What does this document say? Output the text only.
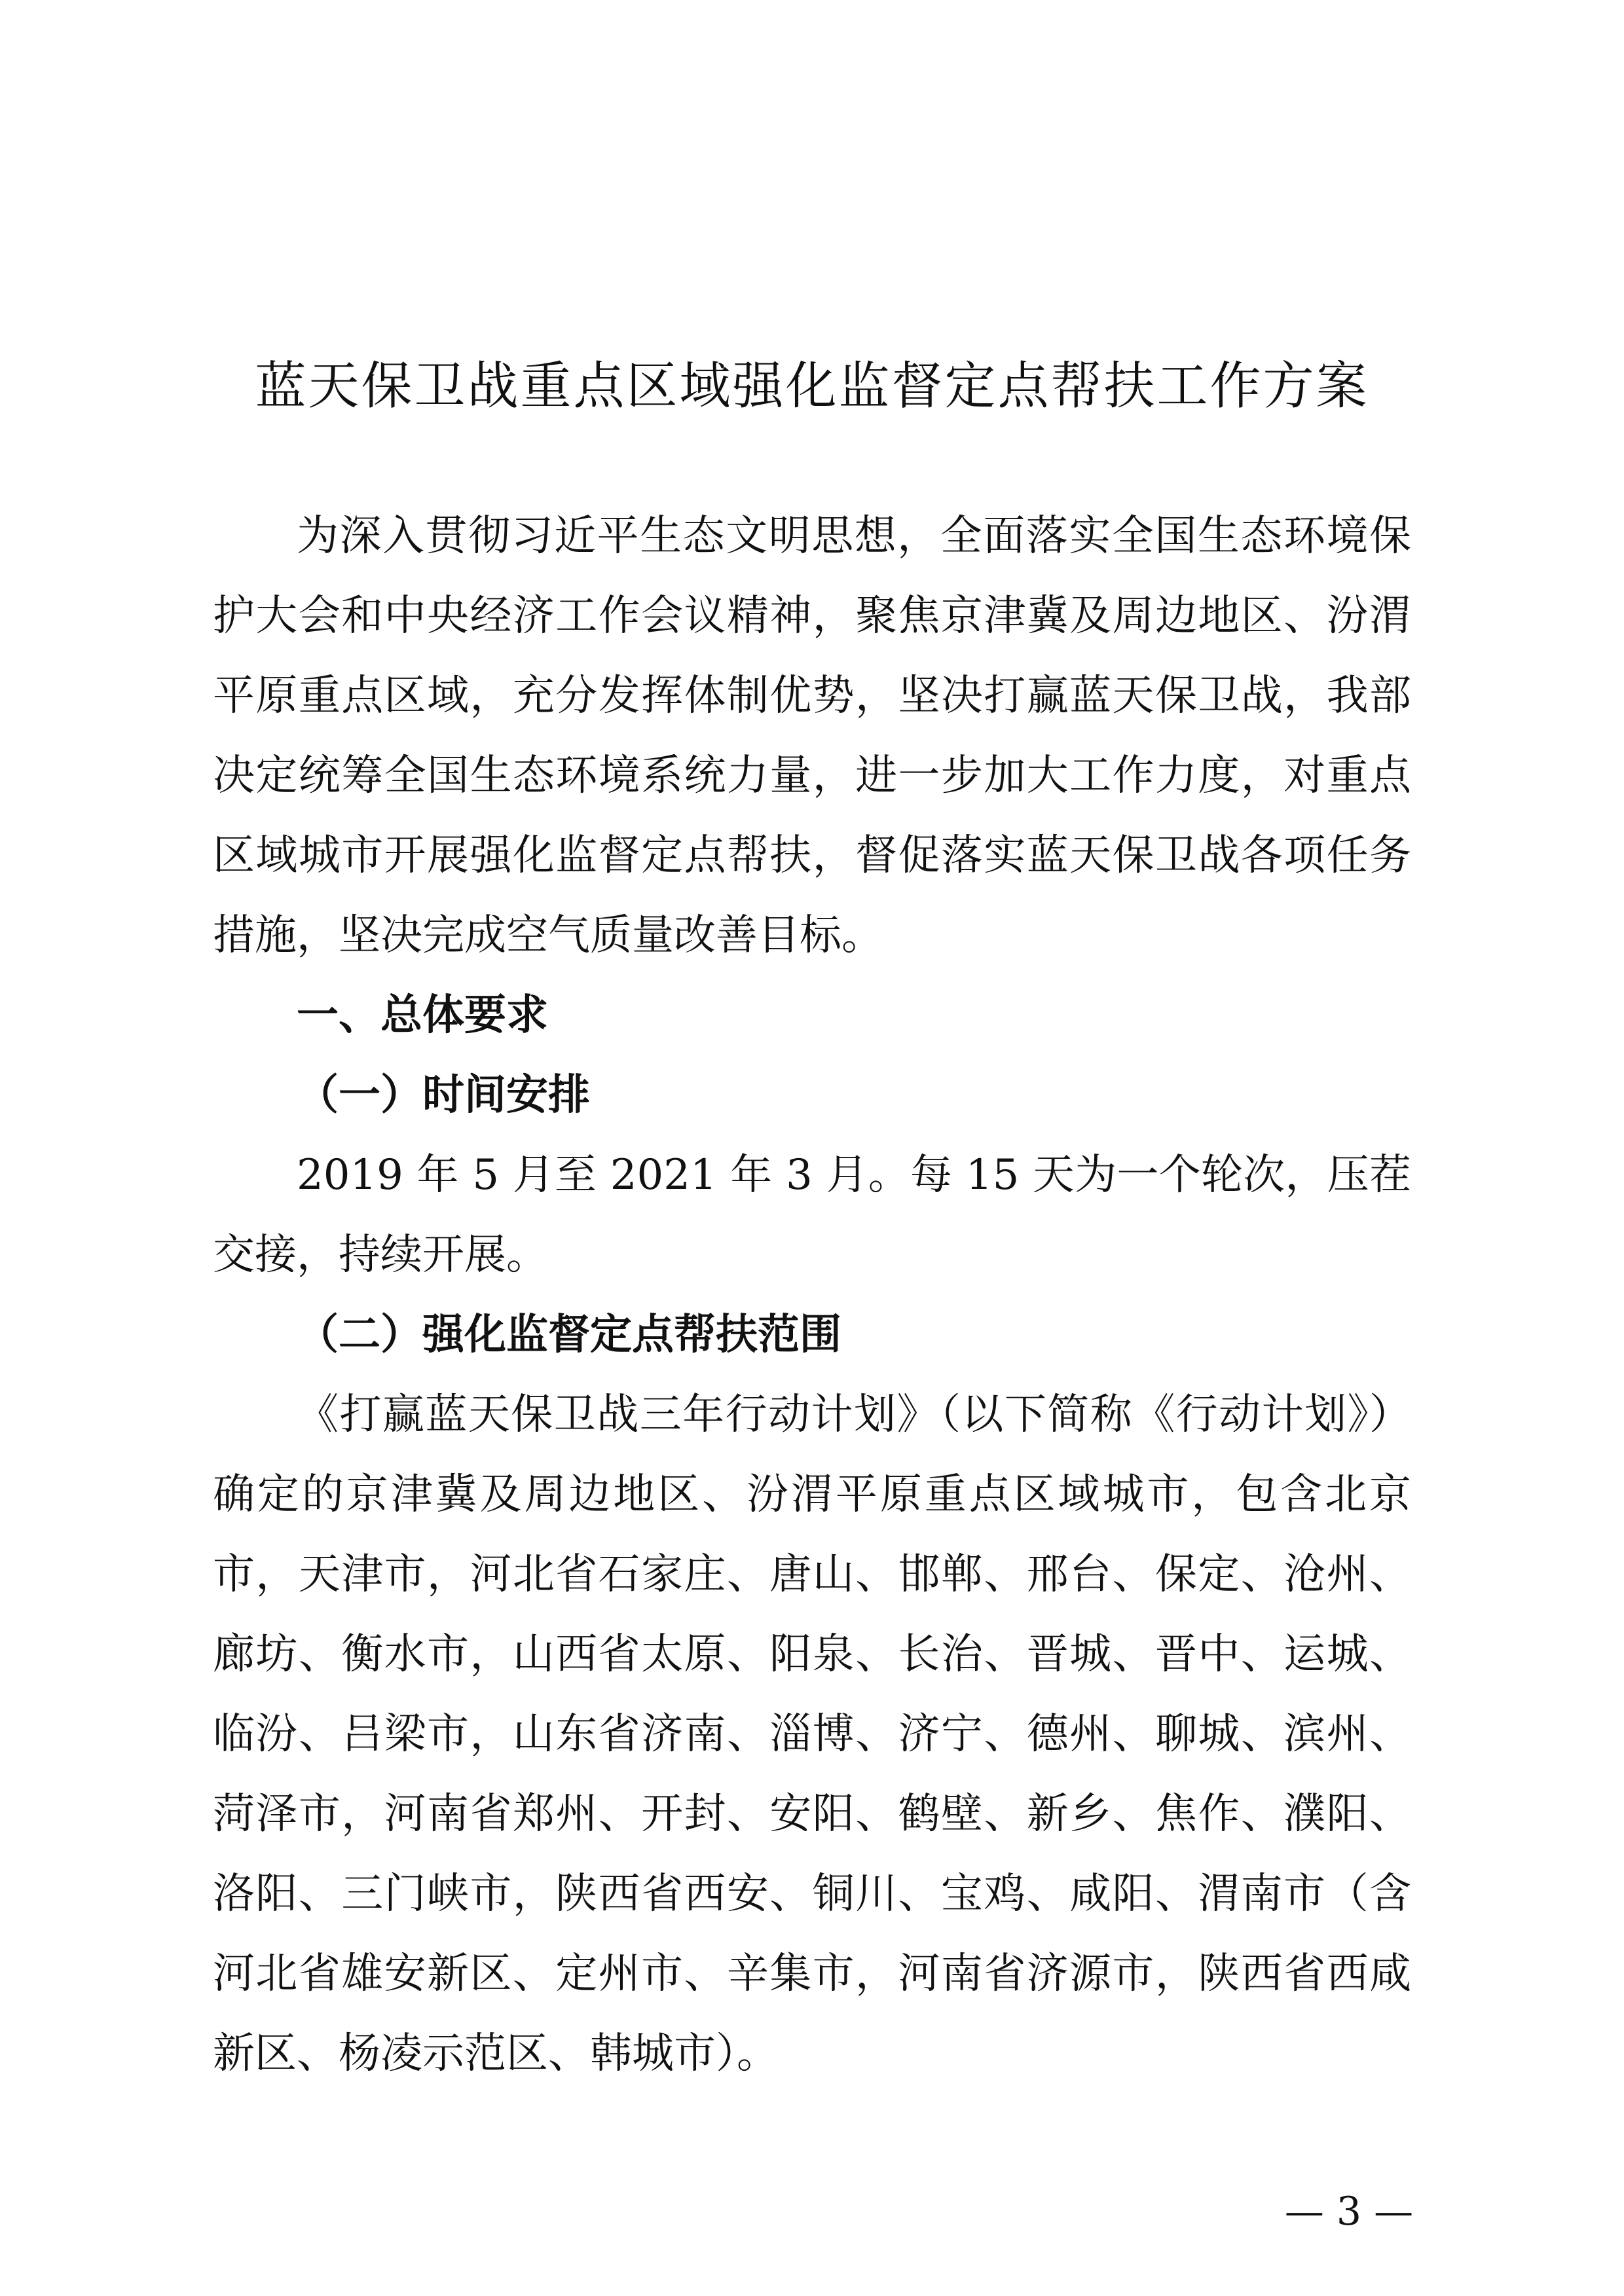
蓝天保卫战重点区域强化监督定点帮扶工作方案

为深入贯彻习近平生态文明思想，全面落实全国生态环境保护大会和中央经济工作会议精神，聚焦京津冀及周边地区、汾渭平原重点区域，充分发挥体制优势，坚决打赢蓝天保卫战，我部决定统筹全国生态环境系统力量，进一步加大工作力度，对重点区域城市开展强化监督定点帮扶，督促落实蓝天保卫战各项任务措施，坚决完成空气质量改善目标。

一、总体要求

（一）时间安排

2019 年 5 月至 2021 年 3 月。每 15 天为一个轮次，压茬交接，持续开展。

（二）强化监督定点帮扶范围

《打赢蓝天保卫战三年行动计划》（以下简称《行动计划》）确定的京津冀及周边地区、汾渭平原重点区域城市，包含北京市，天津市，河北省石家庄、唐山、邯郸、邢台、保定、沧州、廊坊、衡水市，山西省太原、阳泉、长治、晋城、晋中、运城、临汾、吕梁市，山东省济南、淄博、济宁、德州、聊城、滨州、菏泽市，河南省郑州、开封、安阳、鹤壁、新乡、焦作、濮阳、洛阳、三门峡市，陕西省西安、铜川、宝鸡、咸阳、渭南市（含河北省雄安新区、定州市、辛集市，河南省济源市，陕西省西咸新区、杨凌示范区、韩城市）。

— 3 —
